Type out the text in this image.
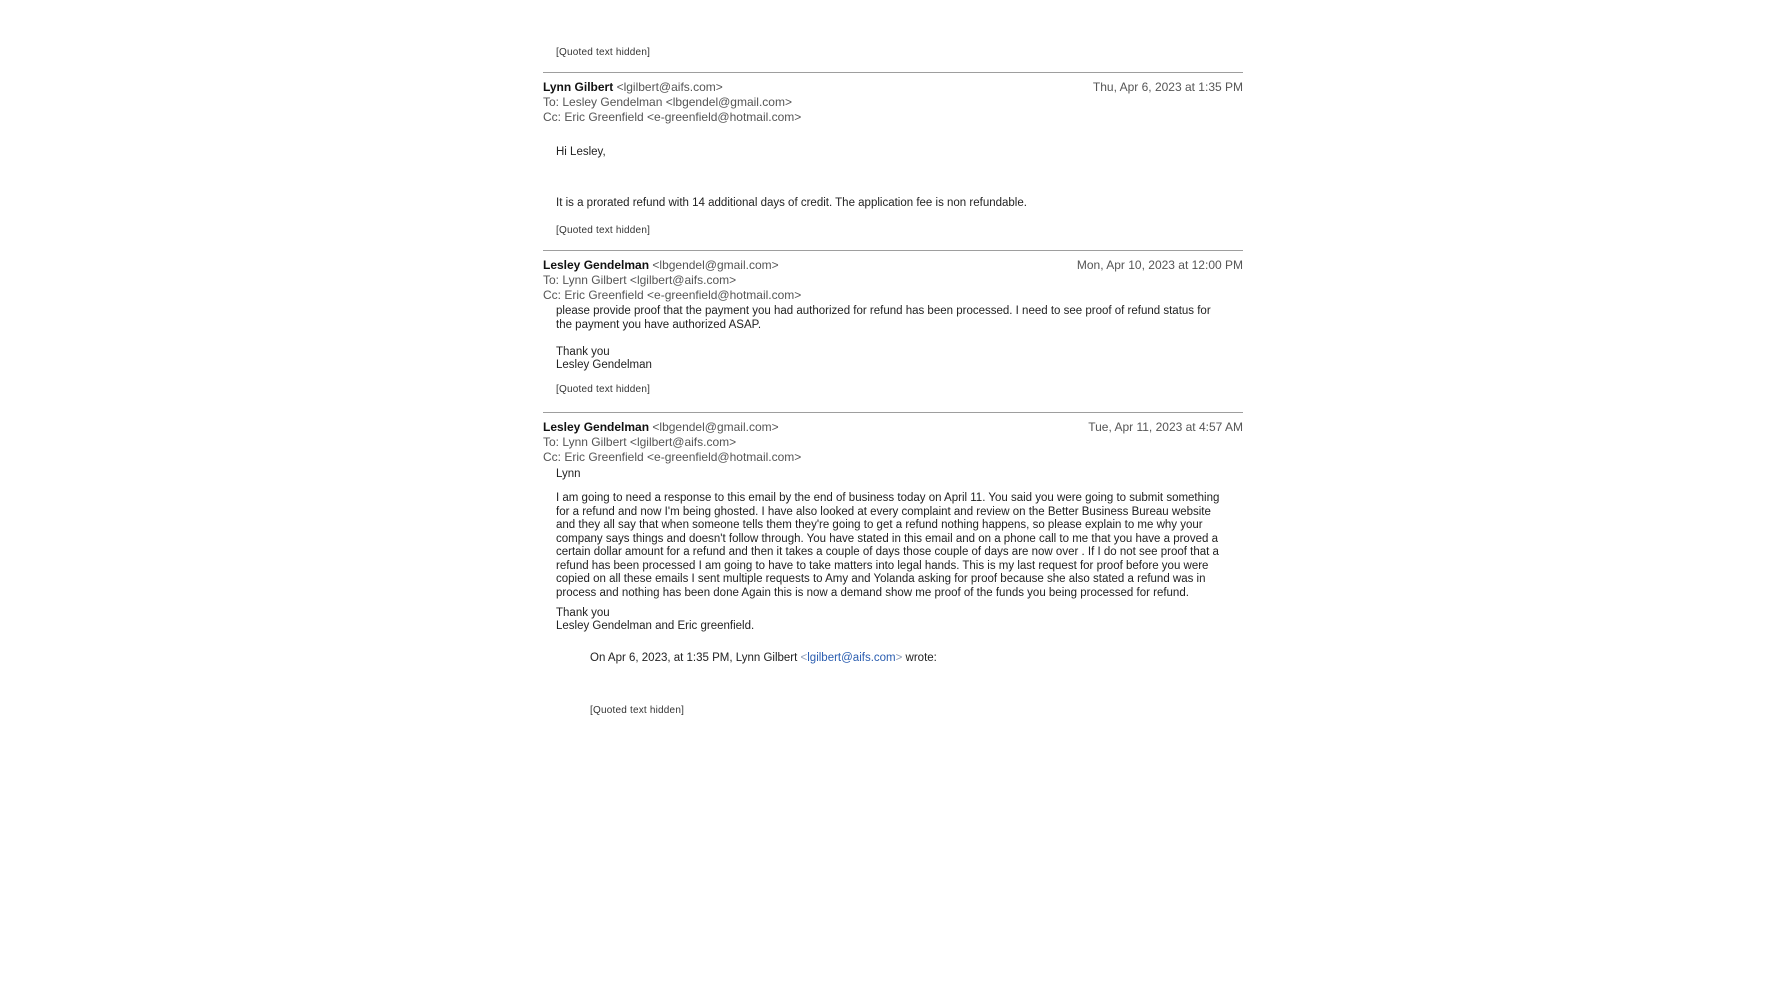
[Quoted text hidden]
Lynn Gilbert <lgilbert@aifs.com>
To: Lesley Gendelman <lbgendel@gmail.com>
Cc: Eric Greenfield <e-greenfield@hotmail.com>
Thu, Apr 6, 2023 at 1:35 PM
Hi Lesley,
It is a prorated refund with 14 additional days of credit. The application fee is non refundable.
[Quoted text hidden]
Lesley Gendelman <lbgendel@gmail.com>
To: Lynn Gilbert <lgilbert@aifs.com>
Cc: Eric Greenfield <e-greenfield@hotmail.com>
Mon, Apr 10, 2023 at 12:00 PM
please provide proof that the payment you had authorized for refund has been processed. I need to see proof of refund status for the payment you have authorized ASAP.
Thank you
Lesley Gendelman
[Quoted text hidden]
Lesley Gendelman <lbgendel@gmail.com>
To: Lynn Gilbert <lgilbert@aifs.com>
Cc: Eric Greenfield <e-greenfield@hotmail.com>
Tue, Apr 11, 2023 at 4:57 AM
Lynn
I am going to need a response to this email by the end of business today on April 11. You said you were going to submit something for a refund and now I'm being ghosted. I have also looked at every complaint and review on the Better Business Bureau website and they all say that when someone tells them they're going to get a refund nothing happens, so please explain to me why your company says things and doesn't follow through. You have stated in this email and on a phone call to me that you have a proved a certain dollar amount for a refund and then it takes a couple of days those couple of days are now over . If I do not see proof that a refund has been processed I am going to have to take matters into legal hands. This is my last request for proof before you were copied on all these emails I sent multiple requests to Amy and Yolanda asking for proof because she also stated a refund was in process and nothing has been done Again this is now a demand show me proof of the funds you being processed for refund.
Thank you
Lesley Gendelman and Eric greenfield.
On Apr 6, 2023, at 1:35 PM, Lynn Gilbert <lgilbert@aifs.com> wrote:
[Quoted text hidden]
